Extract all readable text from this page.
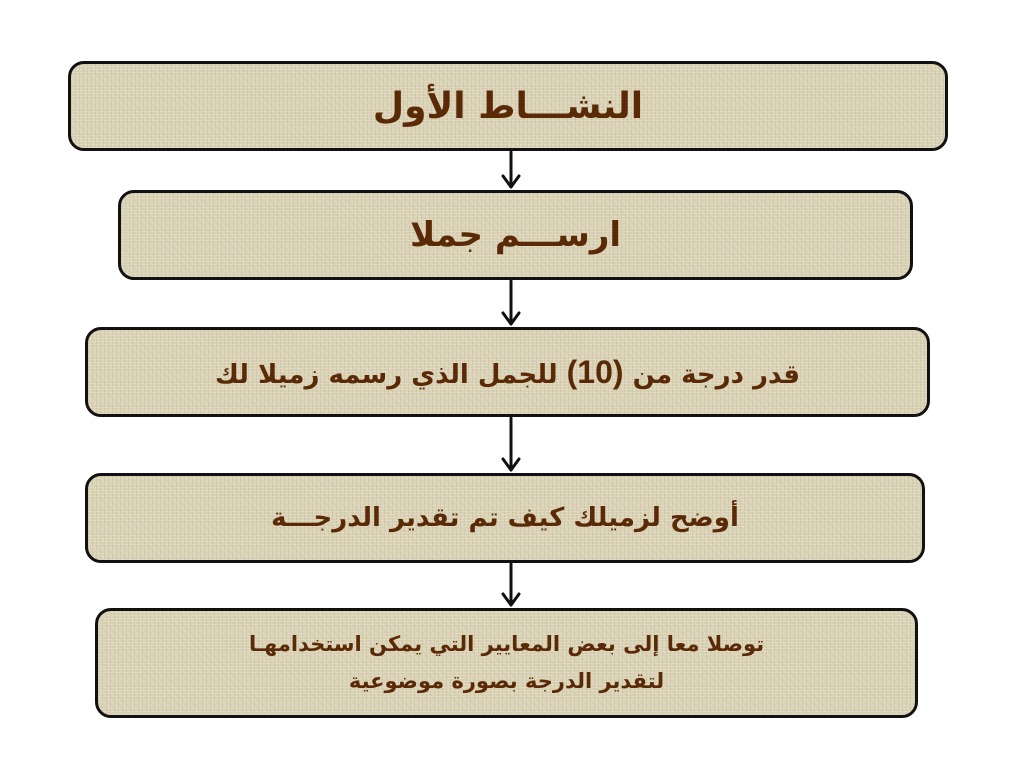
النشـــاط الأول
ارســـم جملا
قدر درجة من (10) للجمل الذي رسمه زميلا لك
أوضح لزميلك كيف تم تقدير الدرجـــة
توصلا معا إلى بعض المعايير التي يمكن استخدامهـا
لتقدير الدرجة بصورة موضوعية
